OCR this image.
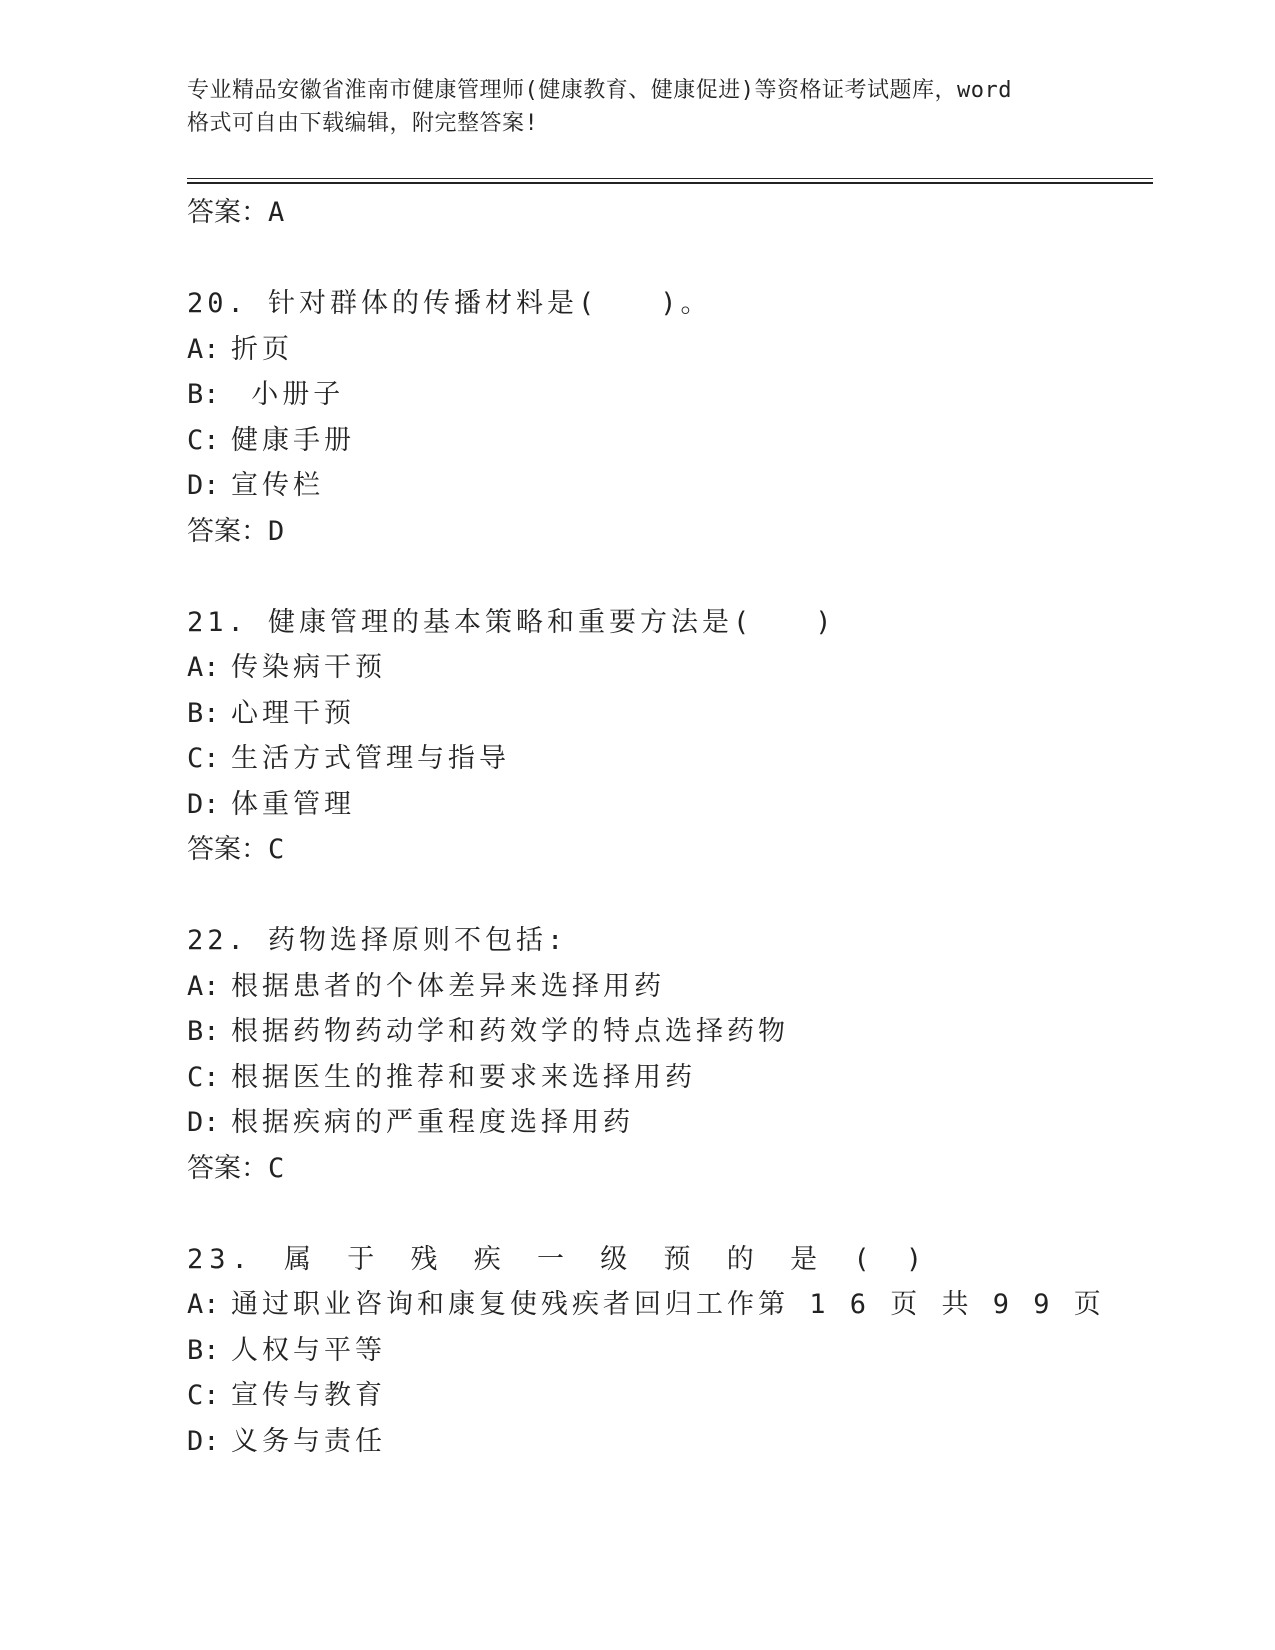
专业精品安徽省淮南市健康管理师(健康教育、健康促进)等资格证考试题库，word
格式可自由下载编辑，附完整答案!
答案：A
20. 针对群体的传播材料是(　　)。
A: 折页
B: 小册子
C: 健康手册
D: 宣传栏
答案：D
21. 健康管理的基本策略和重要方法是(　　)
A: 传染病干预
B: 心理干预
C: 生活方式管理与指导
D: 体重管理
答案：C
22. 药物选择原则不包括:
A: 根据患者的个体差异来选择用药
B: 根据药物药动学和药效学的特点选择药物
C: 根据医生的推荐和要求来选择用药
D: 根据疾病的严重程度选择用药
答案：C
23. 属 于 残 疾 一 级 预 的 是 ( )
A: 通过职业咨询和康复使残疾者回归工作第 1 6 页 共 9 9 页
B: 人权与平等
C: 宣传与教育
D: 义务与责任
